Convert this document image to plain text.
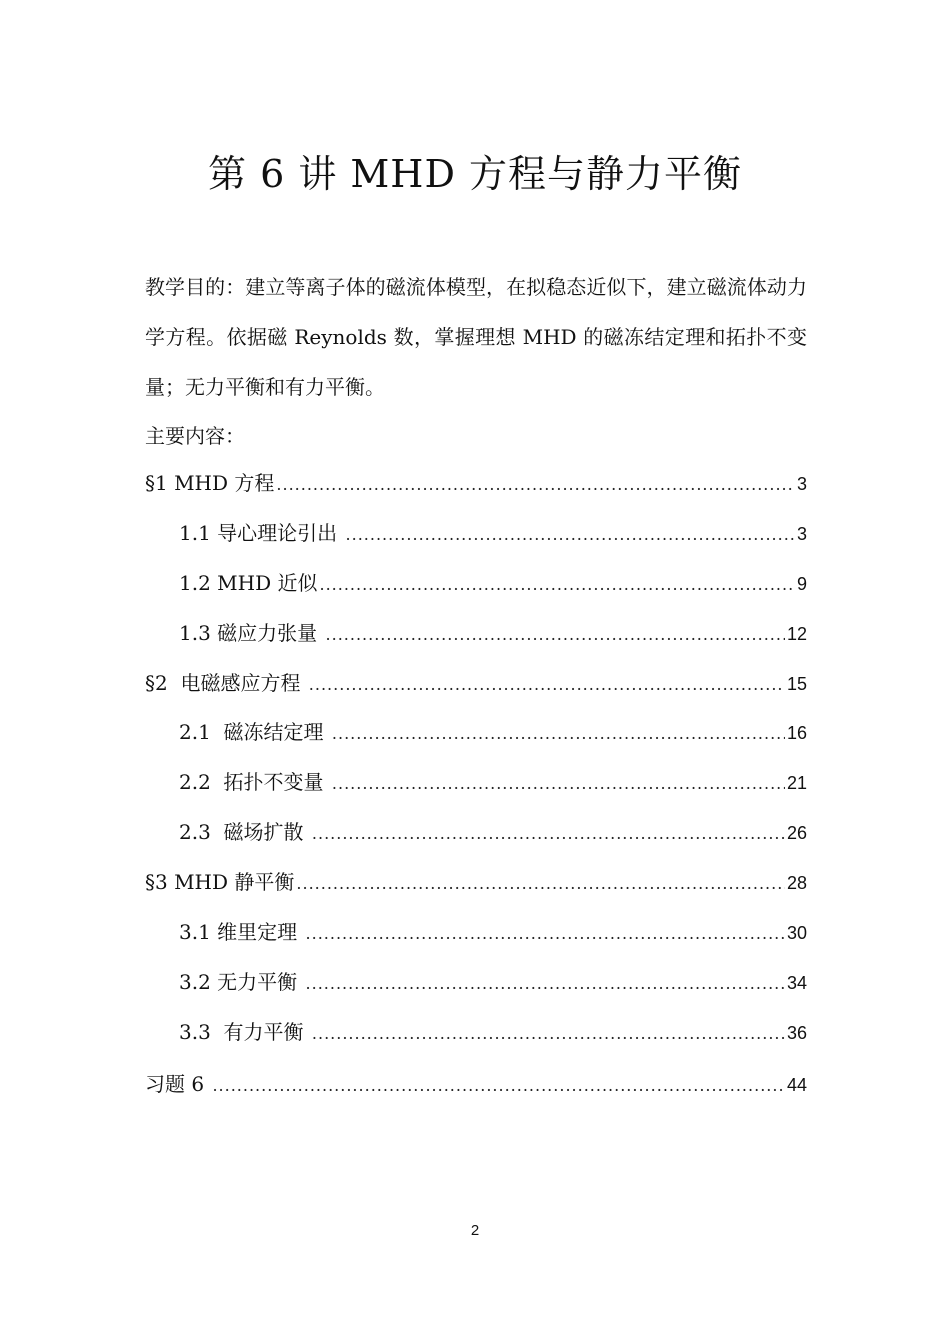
第 6 讲 MHD 方程与静力平衡

教学目的：建立等离子体的磁流体模型，在拟稳态近似下，建立磁流体动力学方程。依据磁 Reynolds 数，掌握理想 MHD 的磁冻结定理和拓扑不变量；无力平衡和有力平衡。

主要内容：

§1 MHD 方程 .....	3
1.1 导心理论引出 .....	3
1.2 MHD 近似 .....	9
1.3 磁应力张量 .....	12
§2  电磁感应方程 .....	15
2.1  磁冻结定理 .....	16
2.2  拓扑不变量 .....	21
2.3  磁场扩散 .....	26
§3 MHD 静平衡 .....	28
3.1 维里定理 .....	30
3.2 无力平衡 .....	34
3.3  有力平衡 .....	36
习题 6 .....	44
2
